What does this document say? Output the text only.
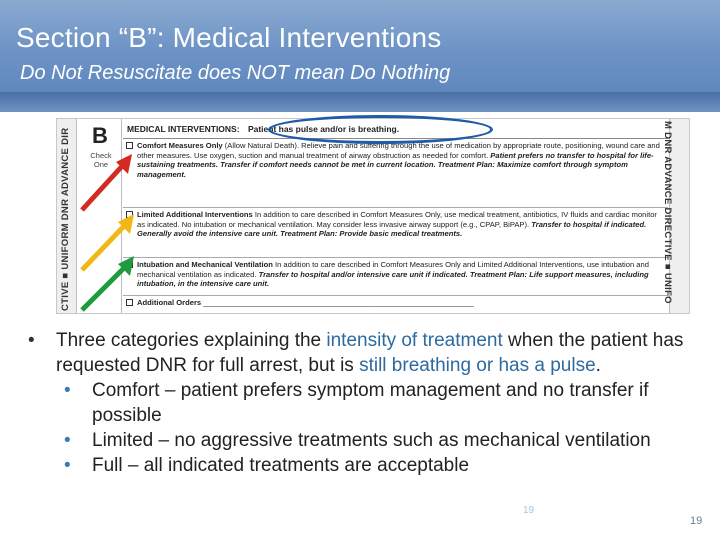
Section “B”: Medical Interventions
Do Not Resuscitate does NOT mean Do Nothing
CTIVE ■ UNIFORM DNR ADVANCE DIR B
Check One
MEDICAL INTERVENTIONS: Patient has pulse and/or is breathing.
Comfort Measures Only (Allow Natural Death). Relieve pain and suffering through the use of medication by appropriate route, positioning, wound care and other measures. Use oxygen, suction and manual treatment of airway obstruction as needed for comfort. Patient prefers no transfer to hospital for life-sustaining treatments. Transfer if comfort needs cannot be met in current location. Treatment Plan: Maximize comfort through symptom management.
Limited Additional Interventions In addition to care described in Comfort Measures Only, use medical treatment, antibiotics, IV fluids and cardiac monitor as indicated. No intubation or mechanical ventilation. May consider less invasive airway support (e.g., CPAP, BiPAP). Transfer to hospital if indicated. Generally avoid the intensive care unit. Treatment Plan: Provide basic medical treatments.
Intubation and Mechanical Ventilation In addition to care described in Comfort Measures Only and Limited Additional Interventions, use intubation and mechanical ventilation as indicated. Transfer to hospital and/or intensive care unit if indicated. Treatment Plan: Life support measures, including intubation, in the intensive care unit.
Additional Orders ________________________________________________________________	M DNR ADVANCE DIRECTIVE ■ UNIFO
• Three categories explaining the intensity of treatment when the patient has requested DNR for full arrest, but is still breathing or has a pulse.
• Comfort – patient prefers symptom management and no transfer if possible
• Limited – no aggressive treatments such as mechanical ventilation
• Full – all indicated treatments are acceptable
19
19
